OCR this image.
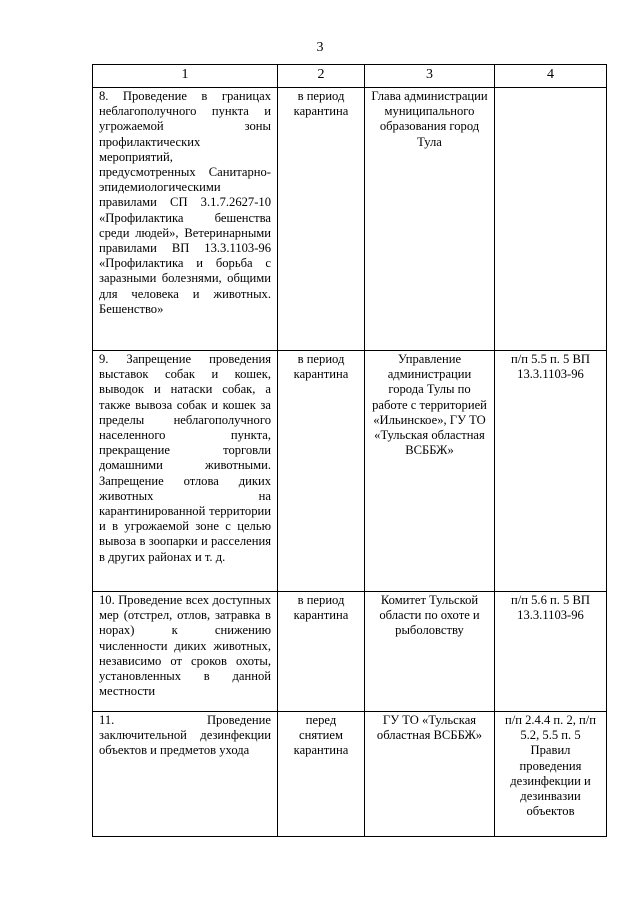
3
1	2	3	4
8. Проведение в границах неблагополучного пункта и угрожаемой зоны профилактических мероприятий, предусмотренных Санитарно-эпидемиологическими правилами СП 3.1.7.2627-10 «Профилактика бешенства среди людей», Ветеринарными правилами ВП 13.3.1103-96 «Профилактика и борьба с заразными болезнями, общими для человека и животных. Бешенство»	в период карантина	Глава администрации муниципального образования город Тула	
9. Запрещение проведения выставок собак и кошек, выводок и натаски собак, а также вывоза собак и кошек за пределы неблагополучного населенного пункта, прекращение торговли домашними животными. Запрещение отлова диких животных на карантинированной территории и в угрожаемой зоне с целью вывоза в зоопарки и расселения в других районах и т. д.	в период карантина	Управление администрации города Тулы по работе с территорией «Ильинское», ГУ ТО «Тульская областная ВСББЖ»	п/п 5.5 п. 5 ВП 13.3.1103-96
10. Проведение всех доступных мер (отстрел, отлов, затравка в норах) к снижению численности диких животных, независимо от сроков охоты, установленных в данной местности	в период карантина	Комитет Тульской области по охоте и рыболовству	п/п 5.6 п. 5 ВП 13.3.1103-96
11. Проведение заключительной дезинфекции объектов и предметов ухода	перед снятием карантина	ГУ ТО «Тульская областная ВСББЖ»	п/п 2.4.4 п. 2, п/п 5.2, 5.5 п. 5 Правил проведения дезинфекции и дезинвазии объектов
